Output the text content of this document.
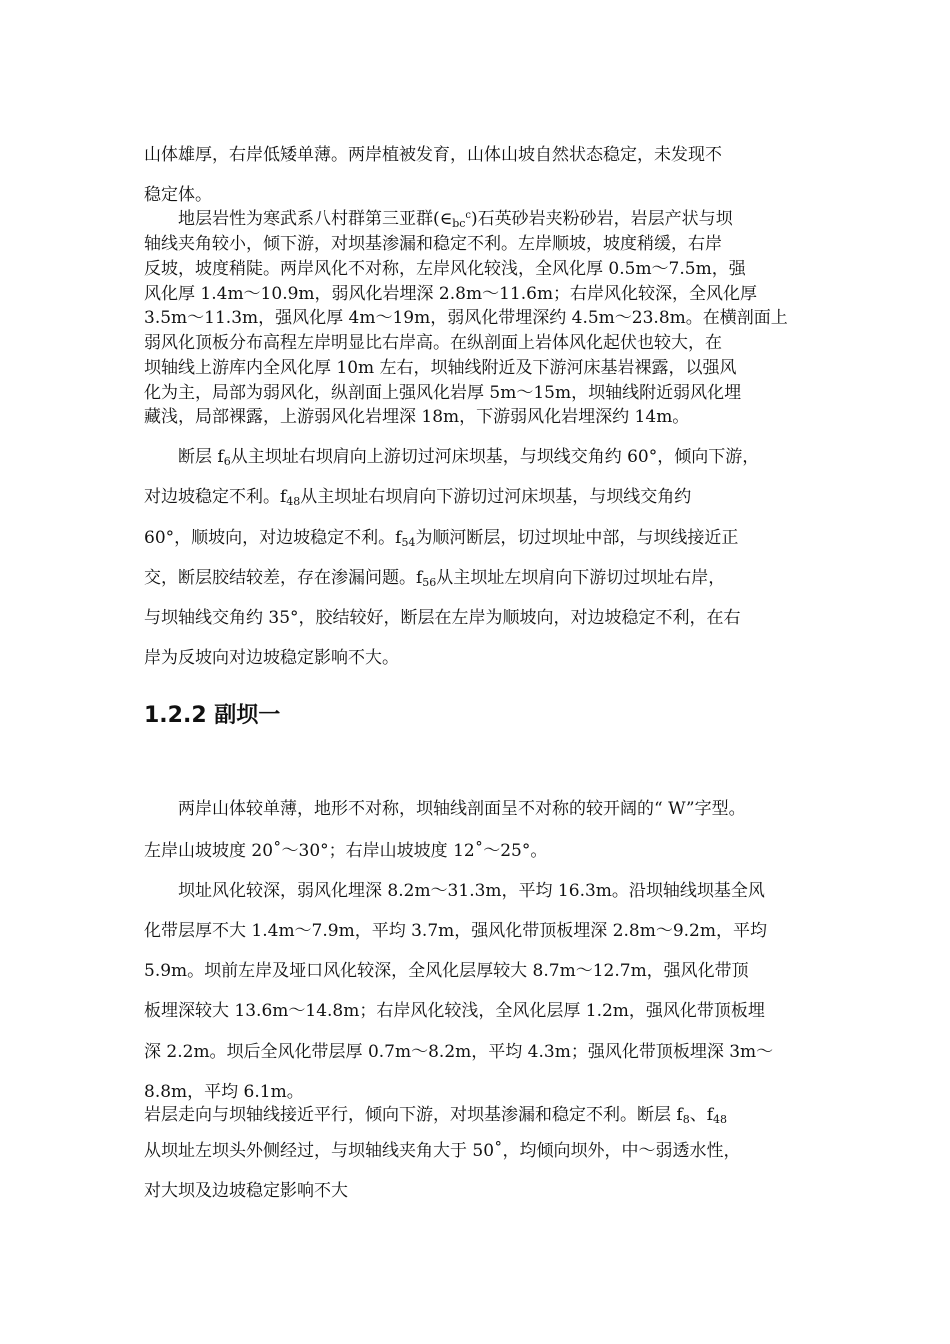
山体雄厚，右岸低矮单薄。两岸植被发育，山体山坡自然状态稳定，未发现不

稳定体。

地层岩性为寒武系八村群第三亚群$(\in_{bc}^c)$石英砂岩夹粉砂岩，岩层产状与坝

轴线夹角较小，倾下游，对坝基渗漏和稳定不利。左岸顺坡，坡度稍缓，右岸

反坡，坡度稍陡。两岸风化不对称，左岸风化较浅，全风化厚 0.5m～7.5m，强

风化厚 1.4m～10.9m，弱风化岩埋深 2.8m～11.6m；右岸风化较深，全风化厚

3.5m～11.3m，强风化厚 4m～19m，弱风化带埋深约 4.5m～23.8m。在横剖面上

弱风化顶板分布高程左岸明显比右岸高。在纵剖面上岩体风化起伏也较大，在

坝轴线上游库内全风化厚 10m 左右，坝轴线附近及下游河床基岩裸露，以强风

化为主，局部为弱风化，纵剖面上强风化岩厚 5m～15m，坝轴线附近弱风化埋

藏浅，局部裸露，上游弱风化岩埋深 18m，下游弱风化岩埋深约 14m。

断层 $f_6$从主坝址右坝肩向上游切过河床坝基，与坝线交角约 60°，倾向下游，

对边坡稳定不利。$f_{48}$从主坝址右坝肩向下游切过河床坝基，与坝线交角约

60°，顺坡向，对边坡稳定不利。$f_{54}$为顺河断层，切过坝址中部，与坝线接近正

交，断层胶结较差，存在渗漏问题。$f_{56}$从主坝址左坝肩向下游切过坝址右岸，

与坝轴线交角约 35°，胶结较好，断层在左岸为顺坡向，对边坡稳定不利，在右

岸为反坡向对边坡稳定影响不大。

1.2.2 副坝一

两岸山体较单薄，地形不对称，坝轴线剖面呈不对称的较开阔的“ W”字型。

左岸山坡坡度 20˚～30°；右岸山坡坡度 12˚～25°。

坝址风化较深，弱风化埋深 8.2m～31.3m，平均 16.3m。沿坝轴线坝基全风

化带层厚不大 1.4m～7.9m，平均 3.7m，强风化带顶板埋深 2.8m～9.2m，平均

5.9m。坝前左岸及垭口风化较深，全风化层厚较大 8.7m～12.7m，强风化带顶

板埋深较大 13.6m～14.8m；右岸风化较浅，全风化层厚 1.2m，强风化带顶板埋

深 2.2m。坝后全风化带层厚 0.7m～8.2m，平均 4.3m；强风化带顶板埋深 3m～

8.8m，平均 6.1m。

岩层走向与坝轴线接近平行，倾向下游，对坝基渗漏和稳定不利。断层 $f_8$、$f_{48}$

从坝址左坝头外侧经过，与坝轴线夹角大于 50˚，均倾向坝外，中～弱透水性，

对大坝及边坡稳定影响不大
